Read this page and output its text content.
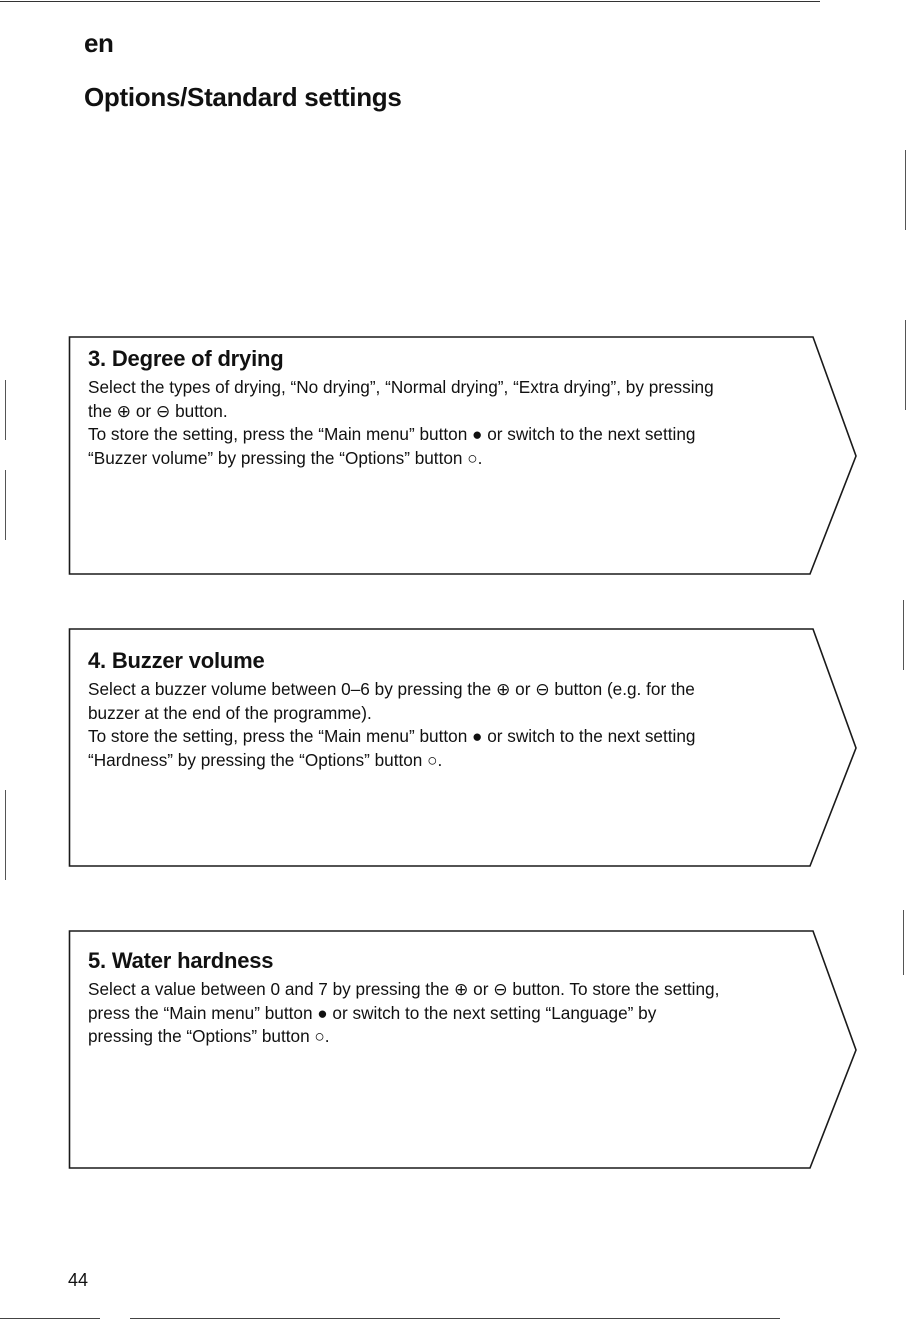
en
Options/Standard settings
3. Degree of drying

Select the types of drying, “No drying”, “Normal drying”, “Extra drying”, by pressing
the ⊕ or ⊖ button.
To store the setting, press the “Main menu” button ● or switch to the next setting
“Buzzer volume” by pressing the “Options” button ○.

4. Buzzer volume

Select a buzzer volume between 0–6 by pressing the ⊕ or ⊖ button (e.g. for the
buzzer at the end of the programme).
To store the setting, press the “Main menu” button ● or switch to the next setting
“Hardness” by pressing the “Options” button ○.

5. Water hardness

Select a value between 0 and 7 by pressing the ⊕ or ⊖ button. To store the setting,
press the “Main menu” button ● or switch to the next setting “Language” by
pressing the “Options” button ○.

44
